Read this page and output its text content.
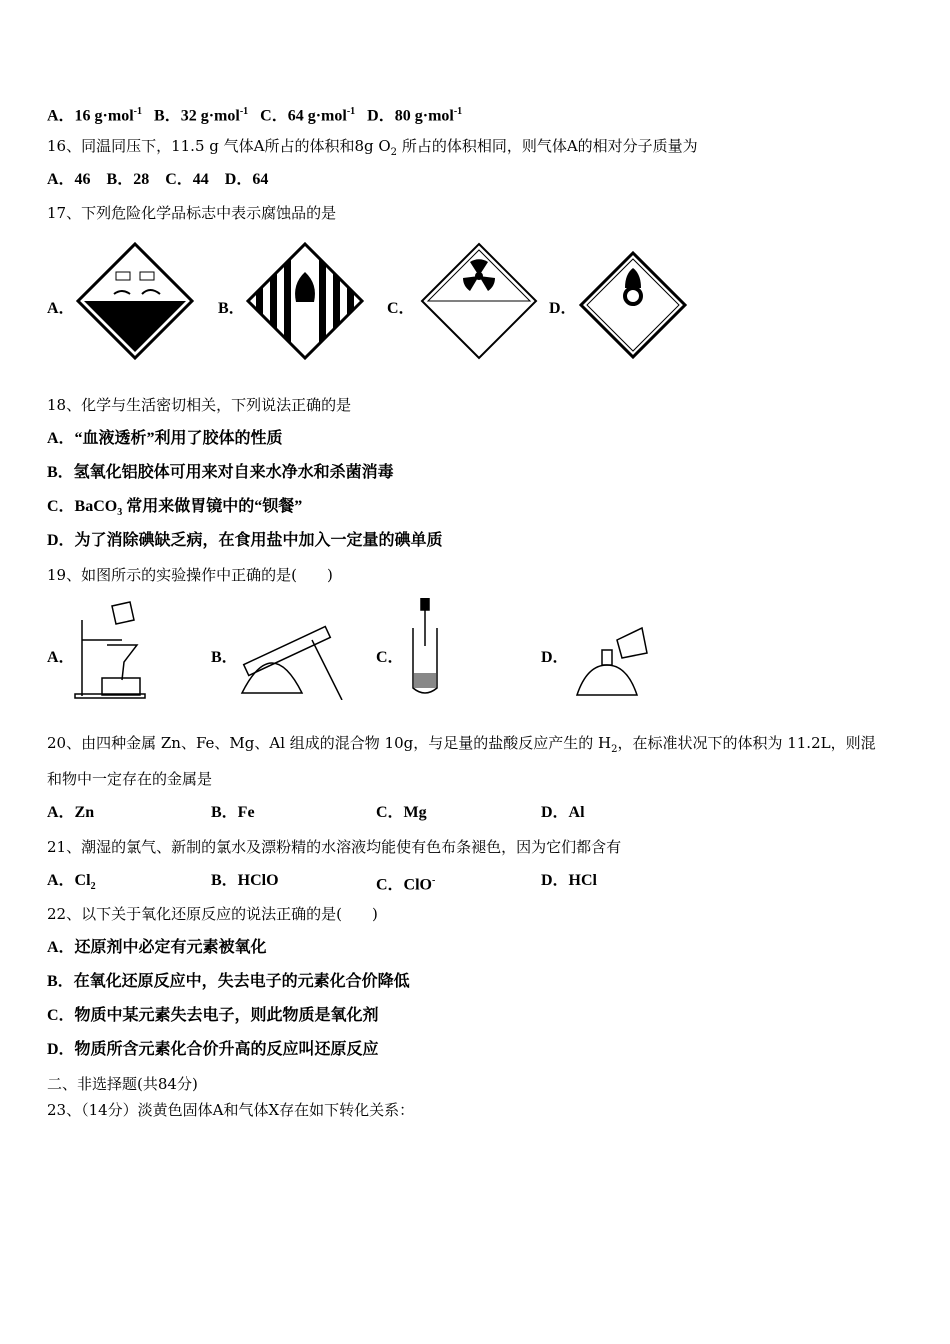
A．16 g·mol$^{-1}$ B．32 g·mol$^{-1}$ C．64 g·mol$^{-1}$ D．80 g·mol$^{-1}$
16、同温同压下，11.5 g 气体A所占的体积和8g $O_2$ 所占的体积相同，则气体A的相对分子质量为
A．46　B．28　C．44　D．64
17、下列危险化学品标志中表示腐蚀品的是
A．	B．	C．	D．
18、化学与生活密切相关，下列说法正确的是
A．“血液透析”利用了胶体的性质
B．氢氧化铝胶体可用来对自来水净水和杀菌消毒
C．BaCO$_3$ 常用来做胃镜中的“钡餐”
D．为了消除碘缺乏病，在食用盐中加入一定量的碘单质
19、如图所示的实验操作中正确的是(　　)
A．	B．	C．	D．
20、由四种金属 Zn、Fe、Mg、Al 组成的混合物 10g，与足量的盐酸反应产生的 $H_2$，在标准状况下的体积为 11.2L，则混
和物中一定存在的金属是
A．Zn	B．Fe	C．Mg	D．Al
21、潮湿的氯气、新制的氯水及漂粉精的水溶液均能使有色布条褪色，因为它们都含有
A．$Cl_2$	B．HClO	C．ClO-	D．HCl
22、以下关于氧化还原反应的说法正确的是(　　)
A．还原剂中必定有元素被氧化
B．在氧化还原反应中，失去电子的元素化合价降低
C．物质中某元素失去电子，则此物质是氧化剂
D．物质所含元素化合价升高的反应叫还原反应
二、非选择题(共84分)
23、（14分）淡黄色固体A和气体X存在如下转化关系：
